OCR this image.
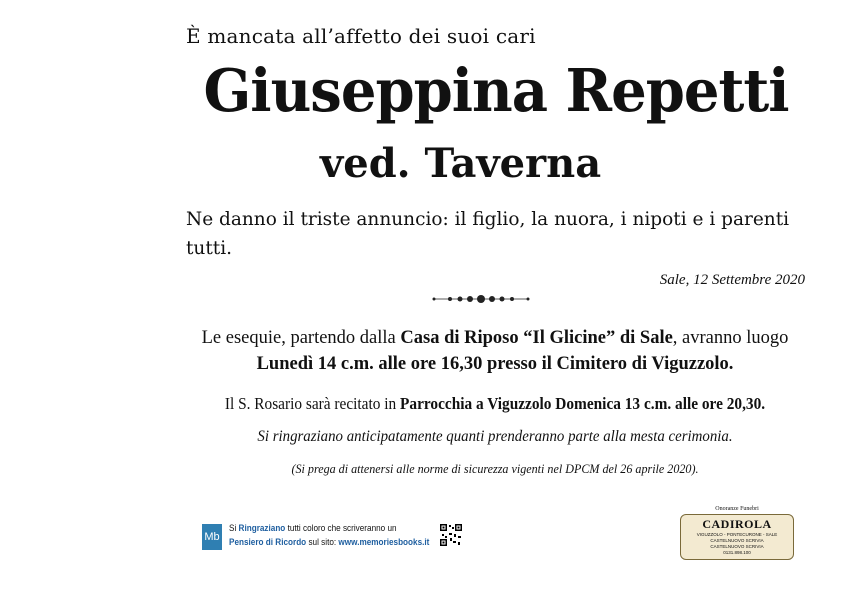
È mancata all’affetto dei suoi cari
Giuseppina Repetti
ved. Taverna
Ne danno il triste annuncio: il figlio, la nuora, i nipoti e i parenti tutti.
Sale, 12 Settembre 2020
Le esequie, partendo dalla Casa di Riposo “Il Glicine” di Sale, avranno luogo Lunedì 14 c.m. alle ore 16,30 presso il Cimitero di Viguzzolo.
Il S. Rosario sarà recitato in Parrocchia a Viguzzolo Domenica 13 c.m. alle ore 20,30.
Si ringraziano anticipatamente quanti prenderanno parte alla mesta cerimonia.
(Si prega di attenersi alle norme di sicurezza vigenti nel DPCM del 26 aprile 2020).
Mb
Si Ringraziano tutti coloro che scriveranno un
Pensiero di Ricordo sul sito: www.memoriesbooks.it
Onoranze Funebri
CADIROLA
VIGUZZOLO - PONTECURONE - SALE
CASTELNUOVO SCRIVIA
CASTELNUOVO SCRIVIA
0131.898.100
